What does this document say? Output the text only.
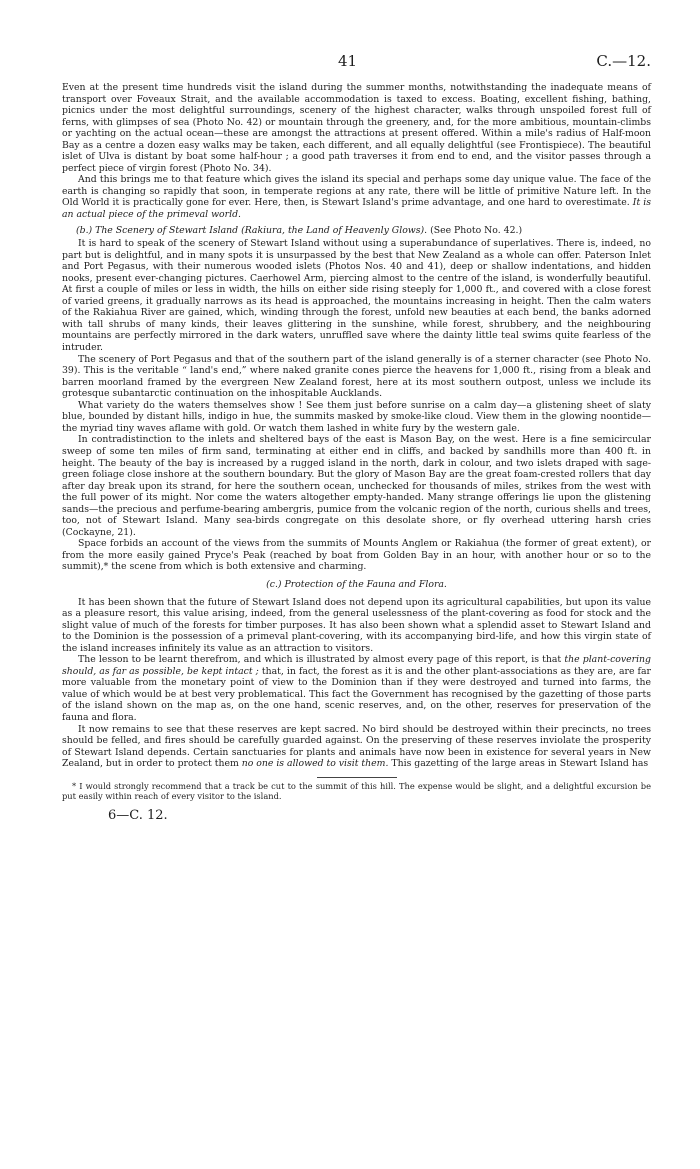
41	C.—12.

Even at the present time hundreds visit the island during the summer months, notwithstanding the inadequate means of transport over Foveaux Strait, and the available accommodation is taxed to excess. Boating, excellent fishing, bathing, picnics under the most delightful surroundings, scenery of the highest character, walks through unspoiled forest full of ferns, with glimpses of sea (Photo No. 42) or mountain through the greenery, and, for the more ambitious, mountain-climbs or yachting on the actual ocean—these are amongst the attractions at present offered. Within a mile's radius of Half-moon Bay as a centre a dozen easy walks may be taken, each different, and all equally delightful (see Frontispiece). The beautiful islet of Ulva is distant by boat some half-hour ; a good path traverses it from end to end, and the visitor passes through a perfect piece of virgin forest (Photo No. 34).

And this brings me to that feature which gives the island its special and perhaps some day unique value. The face of the earth is changing so rapidly that soon, in temperate regions at any rate, there will be little of primitive Nature left. In the Old World it is practically gone for ever. Here, then, is Stewart Island's prime advantage, and one hard to overestimate. It is an actual piece of the primeval world.

(b.) The Scenery of Stewart Island (Rakiura, the Land of Heavenly Glows). (See Photo No. 42.)

It is hard to speak of the scenery of Stewart Island without using a superabundance of superlatives. There is, indeed, no part but is delightful, and in many spots it is unsurpassed by the best that New Zealand as a whole can offer. Paterson Inlet and Port Pegasus, with their numerous wooded islets (Photos Nos. 40 and 41), deep or shallow indentations, and hidden nooks, present ever-changing pictures. Caerhowel Arm, piercing almost to the centre of the island, is wonderfully beautiful. At first a couple of miles or less in width, the hills on either side rising steeply for 1,000 ft., and covered with a close forest of varied greens, it gradually narrows as its head is approached, the mountains increasing in height. Then the calm waters of the Rakiahua River are gained, which, winding through the forest, unfold new beauties at each bend, the banks adorned with tall shrubs of many kinds, their leaves glittering in the sunshine, while forest, shrubbery, and the neighbouring mountains are perfectly mirrored in the dark waters, unruffled save where the dainty little teal swims quite fearless of the intruder.

The scenery of Port Pegasus and that of the southern part of the island generally is of a sterner character (see Photo No. 39). This is the veritable “ land's end,” where naked granite cones pierce the heavens for 1,000 ft., rising from a bleak and barren moorland framed by the evergreen New Zealand forest, here at its most southern outpost, unless we include its grotesque subantarctic continuation on the inhospitable Aucklands.

What variety do the waters themselves show ! See them just before sunrise on a calm day—a glistening sheet of slaty blue, bounded by distant hills, indigo in hue, the summits masked by smoke-like cloud. View them in the glowing noontide—the myriad tiny waves aflame with gold. Or watch them lashed in white fury by the western gale.

In contradistinction to the inlets and sheltered bays of the east is Mason Bay, on the west. Here is a fine semicircular sweep of some ten miles of firm sand, terminating at either end in cliffs, and backed by sandhills more than 400 ft. in height. The beauty of the bay is increased by a rugged island in the north, dark in colour, and two islets draped with sage-green foliage close inshore at the southern boundary. But the glory of Mason Bay are the great foam-crested rollers that day after day break upon its strand, for here the southern ocean, unchecked for thousands of miles, strikes from the west with the full power of its might. Nor come the waters altogether empty-handed. Many strange offerings lie upon the glistening sands—the precious and perfume-bearing ambergris, pumice from the volcanic region of the north, curious shells and trees, too, not of Stewart Island. Many sea-birds congregate on this desolate shore, or fly overhead uttering harsh cries (Cockayne, 21).

Space forbids an account of the views from the summits of Mounts Anglem or Rakiahua (the former of great extent), or from the more easily gained Pryce's Peak (reached by boat from Golden Bay in an hour, with another hour or so to the summit),* the scene from which is both extensive and charming.

(c.) Protection of the Fauna and Flora.

It has been shown that the future of Stewart Island does not depend upon its agricultural capabilities, but upon its value as a pleasure resort, this value arising, indeed, from the general uselessness of the plant-covering as food for stock and the slight value of much of the forests for timber purposes. It has also been shown what a splendid asset to Stewart Island and to the Dominion is the possession of a primeval plant-covering, with its accompanying bird-life, and how this virgin state of the island increases infinitely its value as an attraction to visitors.

The lesson to be learnt therefrom, and which is illustrated by almost every page of this report, is that the plant-covering should, as far as possible, be kept intact ; that, in fact, the forest as it is and the other plant-associations as they are, are far more valuable from the monetary point of view to the Dominion than if they were destroyed and turned into farms, the value of which would be at best very problematical. This fact the Government has recognised by the gazetting of those parts of the island shown on the map as, on the one hand, scenic reserves, and, on the other, reserves for preservation of the fauna and flora.

It now remains to see that these reserves are kept sacred. No bird should be destroyed within their precincts, no trees should be felled, and fires should be carefully guarded against. On the preserving of these reserves inviolate the prosperity of Stewart Island depends. Certain sanctuaries for plants and animals have now been in existence for several years in New Zealand, but in order to protect them no one is allowed to visit them. This gazetting of the large areas in Stewart Island has

* I would strongly recommend that a track be cut to the summit of this hill. The expense would be slight, and a delightful excursion be put easily within reach of every visitor to the island.

6—C. 12.
